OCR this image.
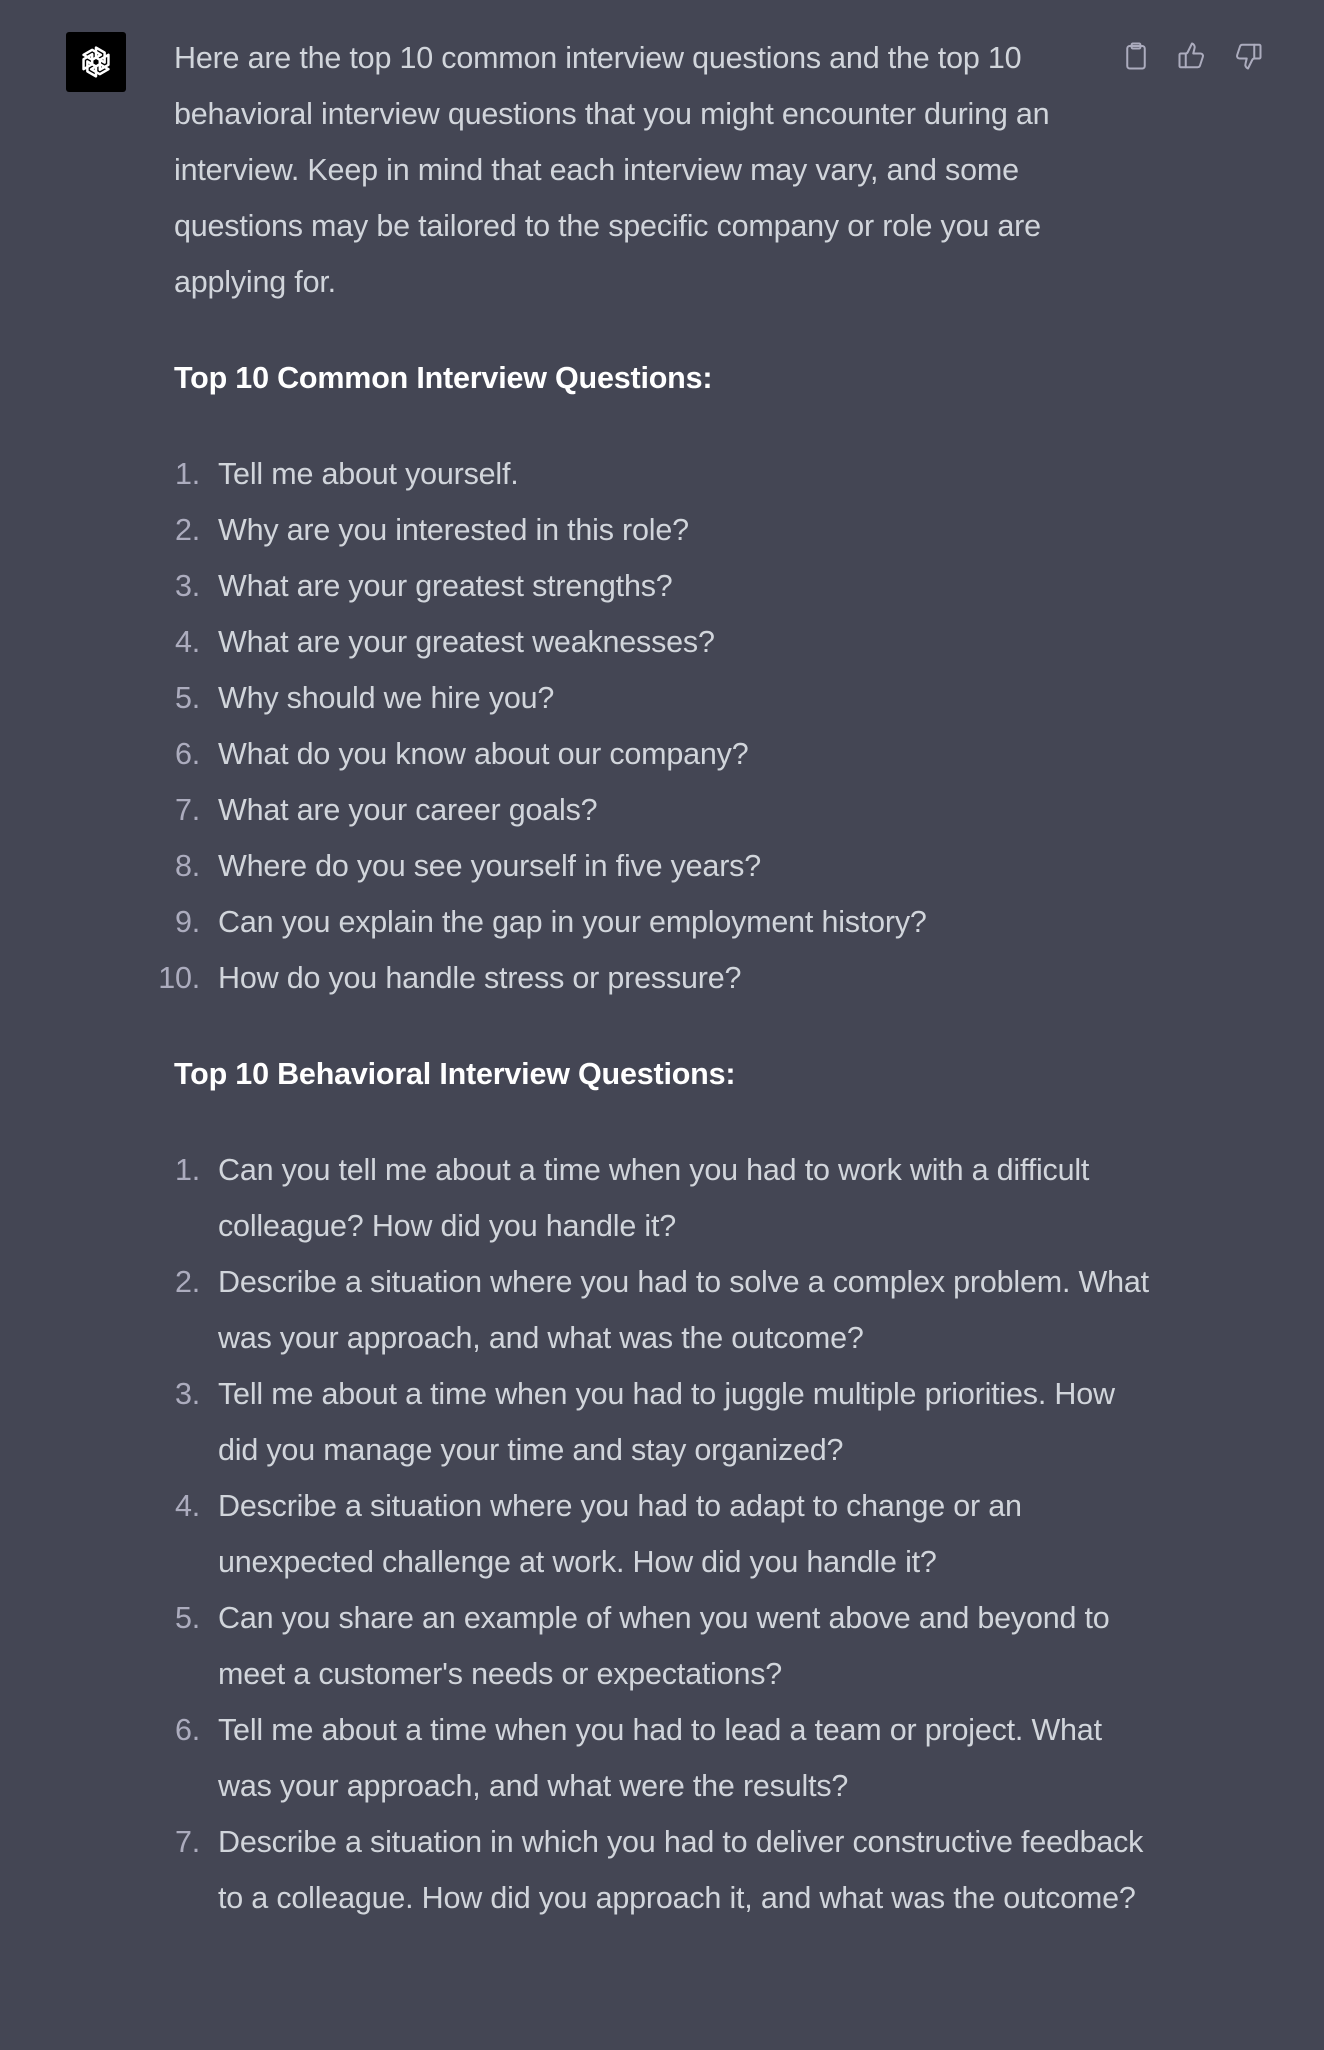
Here are the top 10 common interview questions and the top 10 behavioral interview questions that you might encounter during an interview. Keep in mind that each interview may vary, and some questions may be tailored to the specific company or role you are applying for.

Top 10 Common Interview Questions:
1. Tell me about yourself.
2. Why are you interested in this role?
3. What are your greatest strengths?
4. What are your greatest weaknesses?
5. Why should we hire you?
6. What do you know about our company?
7. What are your career goals?
8. Where do you see yourself in five years?
9. Can you explain the gap in your employment history?
10. How do you handle stress or pressure?
Top 10 Behavioral Interview Questions:
1. Can you tell me about a time when you had to work with a difficult colleague? How did you handle it?
2. Describe a situation where you had to solve a complex problem. What was your approach, and what was the outcome?
3. Tell me about a time when you had to juggle multiple priorities. How did you manage your time and stay organized?
4. Describe a situation where you had to adapt to change or an unexpected challenge at work. How did you handle it?
5. Can you share an example of when you went above and beyond to meet a customer's needs or expectations?
6. Tell me about a time when you had to lead a team or project. What was your approach, and what were the results?
7. Describe a situation in which you had to deliver constructive feedback to a colleague. How did you approach it, and what was the outcome?
